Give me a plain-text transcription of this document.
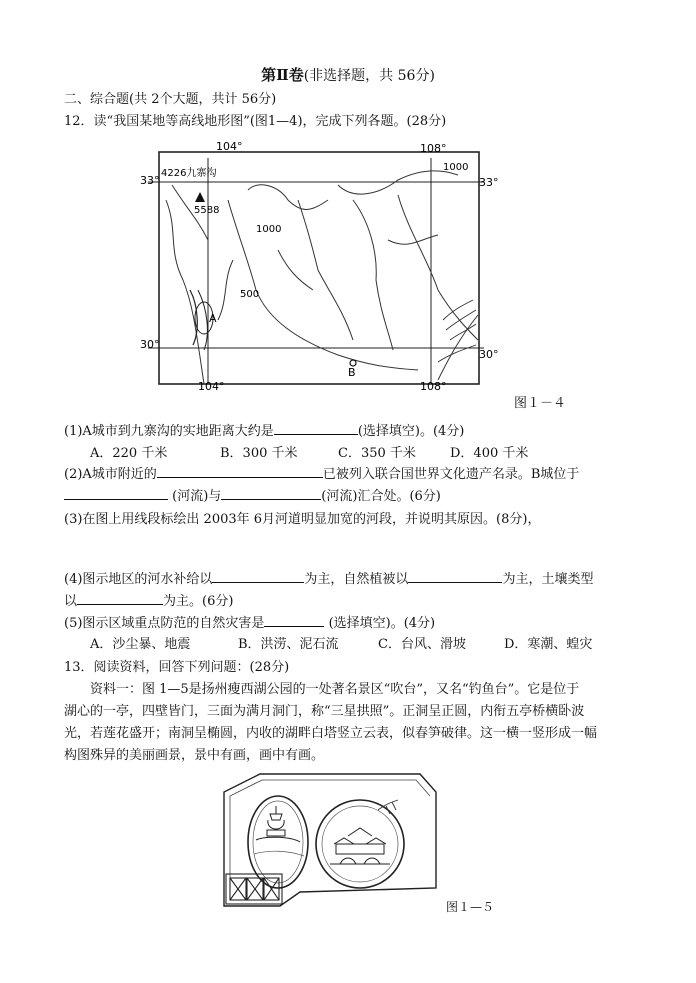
第Ⅱ卷(非选择题，共 56分)
二、综合题(共 2个大题，共计 56分)
12．读“我国某地等高线地形图”(图1—4)，完成下列各题。(28分)
104°	108°
33°	33°
30°
30°
104°	108°
4226九寨沟
5588
1000
1000
500
A
B
图１－４
(1)A城市到九寨沟的实地距离大约是	(选择填空)。(4分)
A．220 千米	B．300 千米	C．350 千米	D．400 千米
(2)A城市附近的	已被列入联合国世界文化遗产名录。B城位于
(河流)与	(河流)汇合处。(6分)
(3)在图上用线段标绘出 2003年 6月河道明显加宽的河段，并说明其原因。(8分)，
(4)图示地区的河水补给以	为主，自然植被以	为主，土壤类型
以	为主。(6分)
(5)图示区域重点防范的自然灾害是	(选择填空)。(4分)
A．沙尘暴、地震	B．洪涝、泥石流	C．台风、滑坡	D．寒潮、蝗灾
13．阅读资料，回答下列问题：(28分)
资料一：图 1—5是扬州瘦西湖公园的一处著名景区“吹台”，又名“钓鱼台”。它是位于
湖心的一亭，四壁皆门，三面为满月洞门，称“三星拱照”。正洞呈正圆，内衔五亭桥横卧波
光，若莲花盛开；南洞呈椭圆，内收的湖畔白塔竖立云表，似春笋破律。这一横一竖形成一幅
构图殊异的美丽画景，景中有画，画中有画。
图１—５
